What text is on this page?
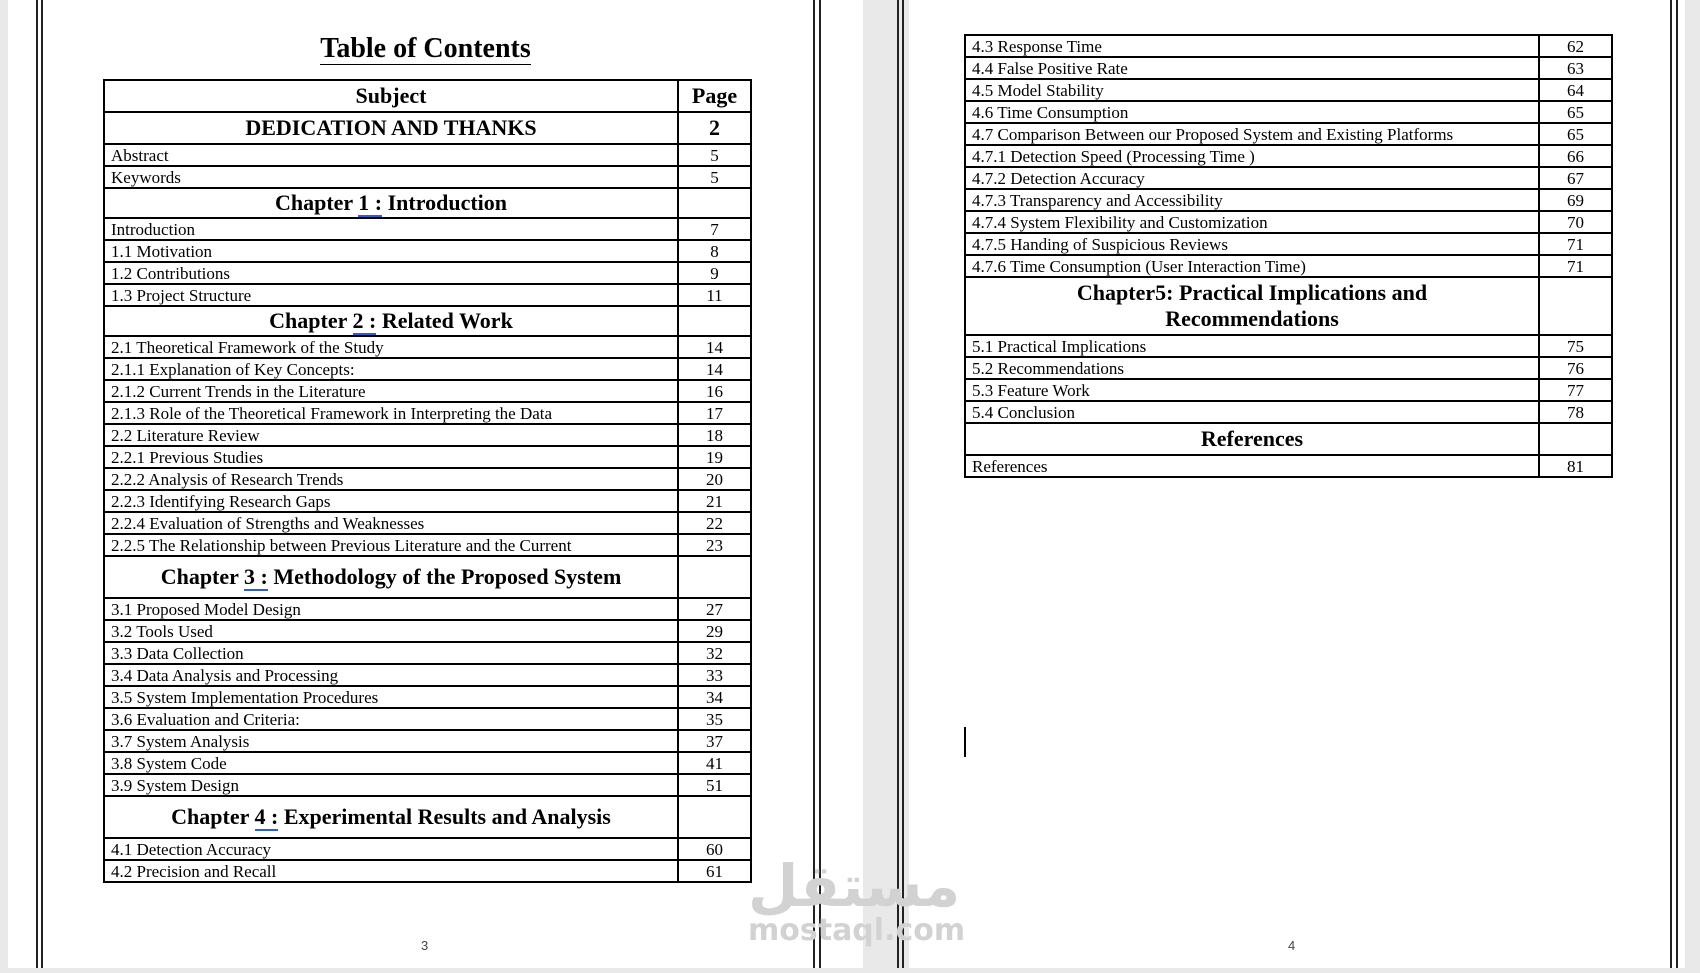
Table of Contents
Subject	Page
DEDICATION AND THANKS	2
Abstract	5
Keywords	5
Chapter 1 : Introduction	
Introduction	7
1.1 Motivation	8
1.2 Contributions	9
1.3 Project Structure	11
Chapter 2 : Related Work	
2.1 Theoretical Framework of the Study	14
2.1.1 Explanation of Key Concepts:	14
2.1.2 Current Trends in the Literature	16
2.1.3 Role of the Theoretical Framework in Interpreting the Data	17
2.2 Literature Review	18
2.2.1 Previous Studies	19
2.2.2 Analysis of Research Trends	20
2.2.3 Identifying Research Gaps	21
2.2.4 Evaluation of Strengths and Weaknesses	22
2.2.5 The Relationship between Previous Literature and the Current	23
Chapter 3 : Methodology of the Proposed System	
3.1 Proposed Model Design	27
3.2 Tools Used	29
3.3 Data Collection	32
3.4 Data Analysis and Processing	33
3.5 System Implementation Procedures	34
3.6 Evaluation and Criteria:	35
3.7 System Analysis	37
3.8 System Code	41
3.9 System Design	51
Chapter 4 : Experimental Results and Analysis	
4.1 Detection Accuracy	60
4.2 Precision and Recall	61
3
4.3 Response Time	62
4.4 False Positive Rate	63
4.5 Model Stability	64
4.6 Time Consumption	65
4.7 Comparison Between our Proposed System and Existing Platforms	65
4.7.1 Detection Speed (Processing Time )	66
4.7.2 Detection Accuracy	67
4.7.3 Transparency and Accessibility	69
4.7.4 System Flexibility and Customization	70
4.7.5 Handing of Suspicious Reviews	71
4.7.6 Time Consumption (User Interaction Time)	71

Chapter5: Practical Implications and
Recommendations	

5.1 Practical Implications	75
5.2 Recommendations	76
5.3 Feature Work	77
5.4 Conclusion	78
References	
References	81
4
مستقل
mostaql.com
